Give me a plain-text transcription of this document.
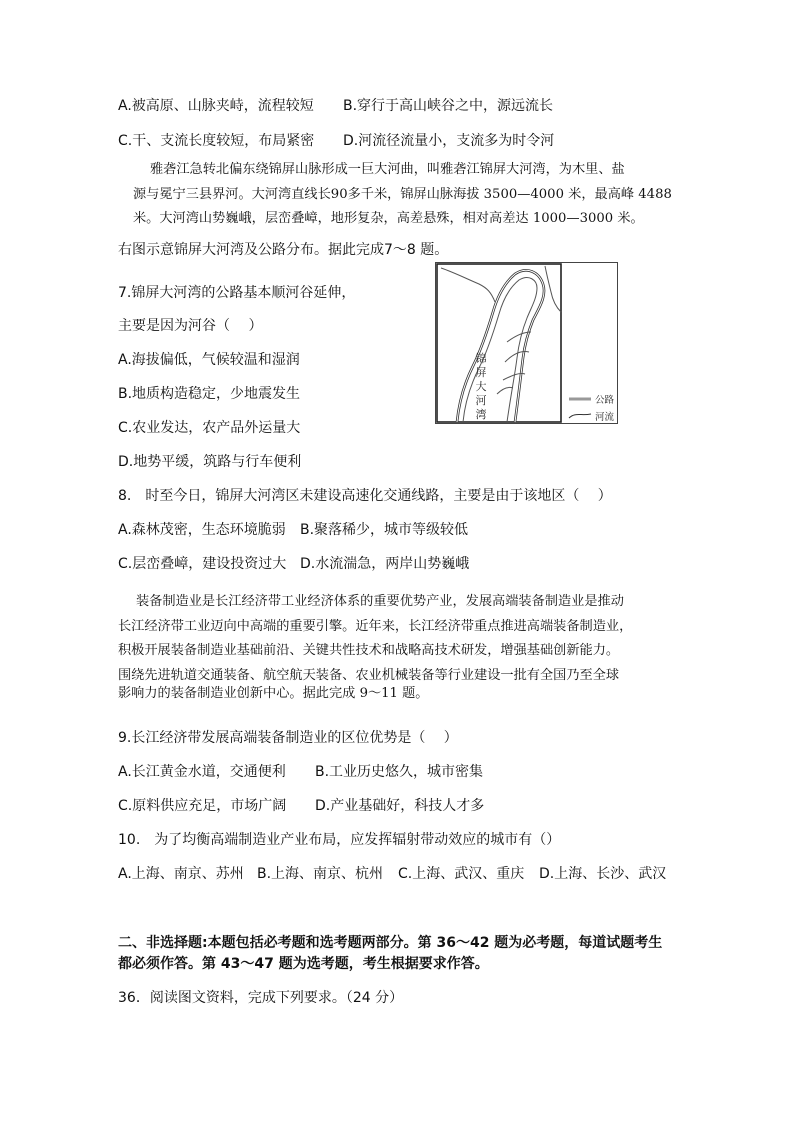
A.被高原、山脉夹峙，流程较短 B.穿行于高山峡谷之中，源远流长
C.干、支流长度较短，布局紧密 D.河流径流量小，支流多为时令河

雅砻江急转北偏东绕锦屏山脉形成一巨大河曲，叫雅砻江锦屏大河湾，为木里、盐

源与冕宁三县界河。大河湾直线长90多千米，锦屏山脉海拔 3500—4000 米，最高峰 4488

米。大河湾山势巍峨，层峦叠嶂，地形复杂，高差悬殊，相对高差达 1000—3000 米。

右图示意锦屏大河湾及公路分布。据此完成7～8 题。
7.锦屏大河湾的公路基本顺河谷延伸，
主要是因为河谷（　 ）
A.海拔偏低，气候较温和湿润
B.地质构造稳定，少地震发生
C.农业发达，农产品外运量大
D.地势平缓，筑路与行车便利
锦
屏
大
河
湾
公路
河流
8.　时至今日，锦屏大河湾区未建设高速化交通线路，主要是由于该地区（　 ）
A.森林茂密，生态环境脆弱 B.聚落稀少，城市等级较低
C.层峦叠嶂，建设投资过大 D.水流湍急，两岸山势巍峨

装备制造业是长江经济带工业经济体系的重要优势产业，发展高端装备制造业是推动

长江经济带工业迈向中高端的重要引擎。近年来，长江经济带重点推进高端装备制造业，

积极开展装备制造业基础前沿、关键共性技术和战略高技术研发，增强基础创新能力。

围绕先进轨道交通装备、航空航天装备、农业机械装备等行业建设一批有全国乃至全球

影响力的装备制造业创新中心。据此完成 9～11 题。

9.长江经济带发展高端装备制造业的区位优势是（　 ）
A.长江黄金水道，交通便利 B.工业历史悠久，城市密集
C.原料供应充足，市场广阔 D.产业基础好，科技人才多
10.　为了均衡高端制造业产业布局，应发挥辐射带动效应的城市有（）
A.上海、南京、苏州 B.上海、南京、杭州 C.上海、武汉、重庆 D.上海、长沙、武汉
二、非选择题:本题包括必考题和选考题两部分。第 36～42 题为必考题，每道试题考生
都必须作答。第 43～47 题为选考题，考生根据要求作答。
36．阅读图文资料，完成下列要求。（24 分）
